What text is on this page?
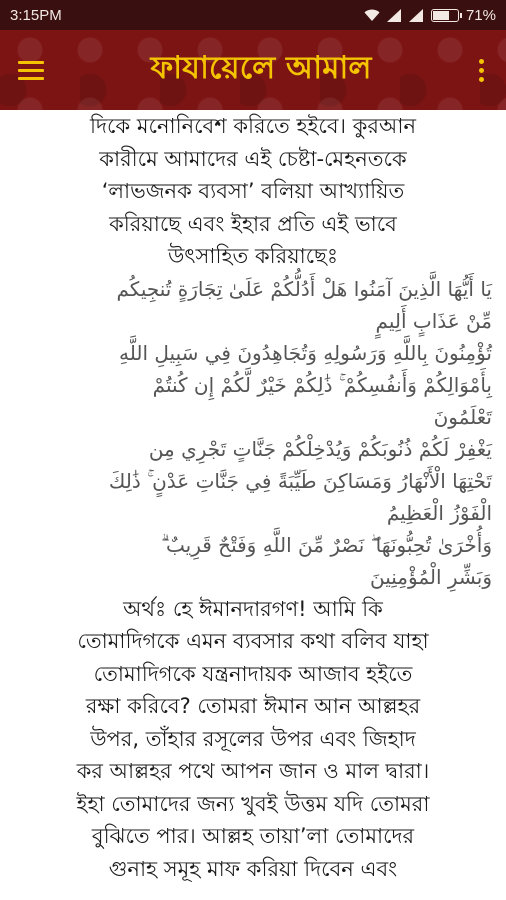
3:15PM	71%
ফাযায়েলে আমাল

দিকে মনোনিবেশ করিতে হইবে। কুরআন

কারীমে আমাদের এই চেষ্টা-মেহনতকে

‘লাভজনক ব্যবসা’ বলিয়া আখ্যায়িত

করিয়াছে এবং ইহার প্রতি এই ভাবে

উৎসাহিত করিয়াছেঃ

يَا أَيُّهَا الَّذِينَ آمَنُوا هَلْ أَدُلُّكُمْ عَلَىٰ تِجَارَةٍ تُنجِيكُم

مِّنْ عَذَابٍ أَلِيمٍ

تُؤْمِنُونَ بِاللَّهِ وَرَسُولِهِ وَتُجَاهِدُونَ فِي سَبِيلِ اللَّهِ

بِأَمْوَالِكُمْ وَأَنفُسِكُمْ ۚ ذَٰلِكُمْ خَيْرٌ لَّكُمْ إِن كُنتُمْ

تَعْلَمُونَ

يَغْفِرْ لَكُمْ ذُنُوبَكُمْ وَيُدْخِلْكُمْ جَنَّاتٍ تَجْرِي مِن

تَحْتِهَا الْأَنْهَارُ وَمَسَاكِنَ طَيِّبَةً فِي جَنَّاتِ عَدْنٍ ۚ ذَٰلِكَ

الْفَوْزُ الْعَظِيمُ

وَأُخْرَىٰ تُحِبُّونَهَا ۖ نَصْرٌ مِّنَ اللَّهِ وَفَتْحٌ قَرِيبٌ ۗ

وَبَشِّرِ الْمُؤْمِنِينَ

অর্থঃ হে ঈমানদারগণ! আমি কি

তোমাদিগকে এমন ব্যবসার কথা বলিব যাহা

তোমাদিগকে যন্ত্রনাদায়ক আজাব হইতে

রক্ষা করিবে? তোমরা ঈমান আন আল্লহর

উপর, তাঁহার রসূলের উপর এবং জিহাদ

কর আল্লহর পথে আপন জান ও মাল দ্বারা।

ইহা তোমাদের জন্য খুবই উত্তম যদি তোমরা

বুঝিতে পার। আল্লহ তায়া’লা তোমাদের

গুনাহ সমূহ মাফ করিয়া দিবেন এবং
